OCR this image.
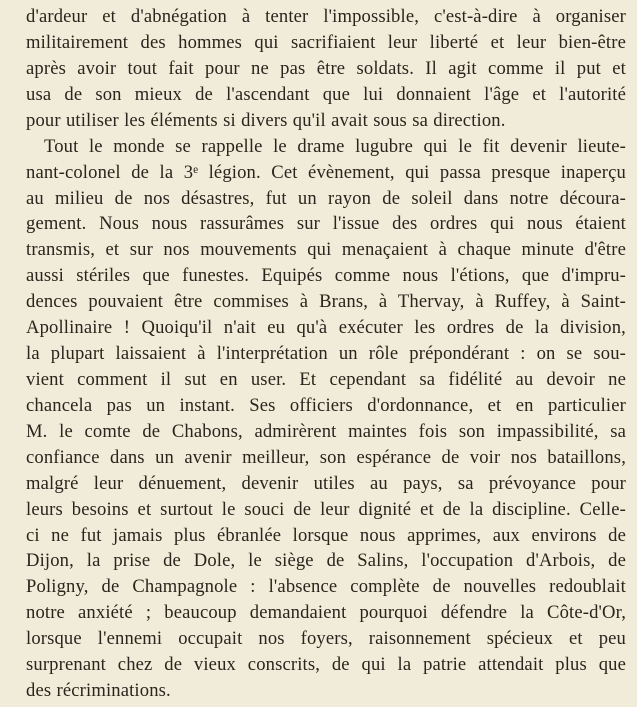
d'ardeur et d'abnégation à tenter l'impossible, c'est-à-dire à organiser
militairement des hommes qui sacrifiaient leur liberté et leur bien-être
après avoir tout fait pour ne pas être soldats. Il agit comme il put et
usa de son mieux de l'ascendant que lui donnaient l'âge et l'autorité
pour utiliser les éléments si divers qu'il avait sous sa direction.
Tout le monde se rappelle le drame lugubre qui le fit devenir lieute-
nant-colonel de la 3ᵉ légion. Cet évènement, qui passa presque inaperçu
au milieu de nos désastres, fut un rayon de soleil dans notre découra-
gement. Nous nous rassurâmes sur l'issue des ordres qui nous étaient
transmis, et sur nos mouvements qui menaçaient à chaque minute d'être
aussi stériles que funestes. Equipés comme nous l'étions, que d'impru-
dences pouvaient être commises à Brans, à Thervay, à Ruffey, à Saint-
Apollinaire ! Quoiqu'il n'ait eu qu'à exécuter les ordres de la division,
la plupart laissaient à l'interprétation un rôle prépondérant : on se sou-
vient comment il sut en user. Et cependant sa fidélité au devoir ne
chancela pas un instant. Ses officiers d'ordonnance, et en particulier
M. le comte de Chabons, admirèrent maintes fois son impassibilité, sa
confiance dans un avenir meilleur, son espérance de voir nos bataillons,
malgré leur dénuement, devenir utiles au pays, sa prévoyance pour
leurs besoins et surtout le souci de leur dignité et de la discipline. Celle-
ci ne fut jamais plus ébranlée lorsque nous apprimes, aux environs de
Dijon, la prise de Dole, le siège de Salins, l'occupation d'Arbois, de
Poligny, de Champagnole : l'absence complète de nouvelles redoublait
notre anxiété ; beaucoup demandaient pourquoi défendre la Côte-d'Or,
lorsque l'ennemi occupait nos foyers, raisonnement spécieux et peu
surprenant chez de vieux conscrits, de qui la patrie attendait plus que
des récriminations.
